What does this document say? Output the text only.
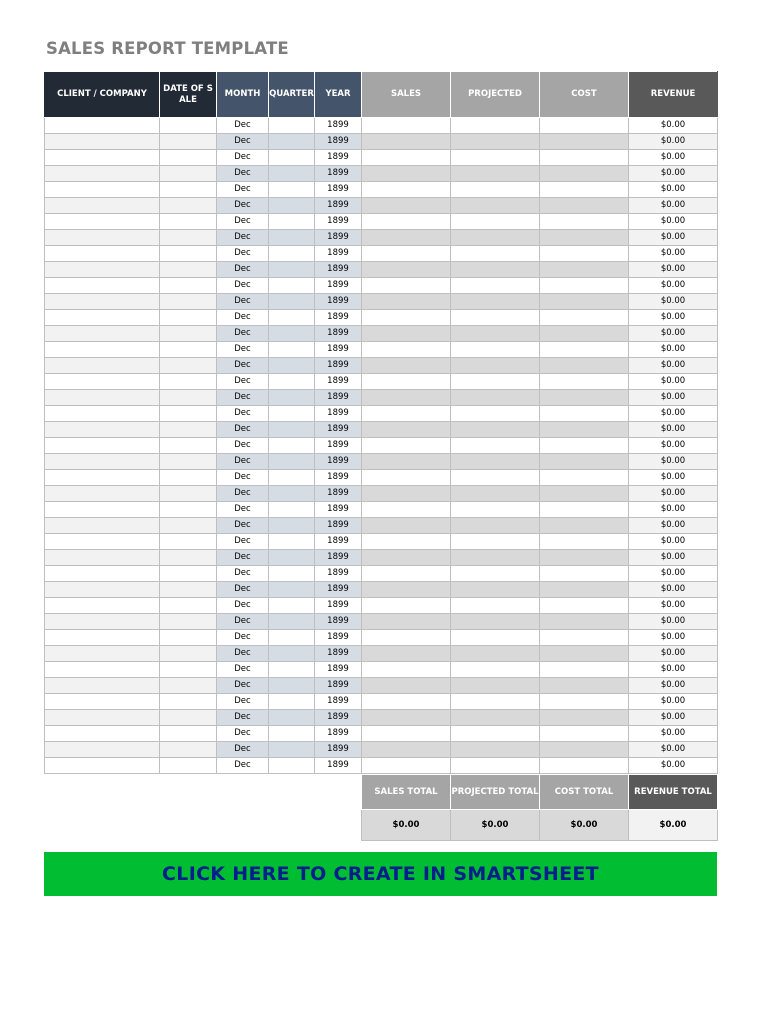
SALES REPORT TEMPLATE
CLIENT / COMPANY	DATE OF SALE	MONTH	QUARTER	YEAR	SALES	PROJECTED	COST	REVENUE
		Dec		1899				$0.00
		Dec		1899				$0.00
		Dec		1899				$0.00
		Dec		1899				$0.00
		Dec		1899				$0.00
		Dec		1899				$0.00
		Dec		1899				$0.00
		Dec		1899				$0.00
		Dec		1899				$0.00
		Dec		1899				$0.00
		Dec		1899				$0.00
		Dec		1899				$0.00
		Dec		1899				$0.00
		Dec		1899				$0.00
		Dec		1899				$0.00
		Dec		1899				$0.00
		Dec		1899				$0.00
		Dec		1899				$0.00
		Dec		1899				$0.00
		Dec		1899				$0.00
		Dec		1899				$0.00
		Dec		1899				$0.00
		Dec		1899				$0.00
		Dec		1899				$0.00
		Dec		1899				$0.00
		Dec		1899				$0.00
		Dec		1899				$0.00
		Dec		1899				$0.00
		Dec		1899				$0.00
		Dec		1899				$0.00
		Dec		1899				$0.00
		Dec		1899				$0.00
		Dec		1899				$0.00
		Dec		1899				$0.00
		Dec		1899				$0.00
		Dec		1899				$0.00
		Dec		1899				$0.00
		Dec		1899				$0.00
		Dec		1899				$0.00
		Dec		1899				$0.00
		Dec		1899				$0.00
SALES TOTAL	PROJECTED TOTAL	COST TOTAL	REVENUE TOTAL
$0.00	$0.00	$0.00	$0.00
CLICK HERE TO CREATE IN SMARTSHEET
